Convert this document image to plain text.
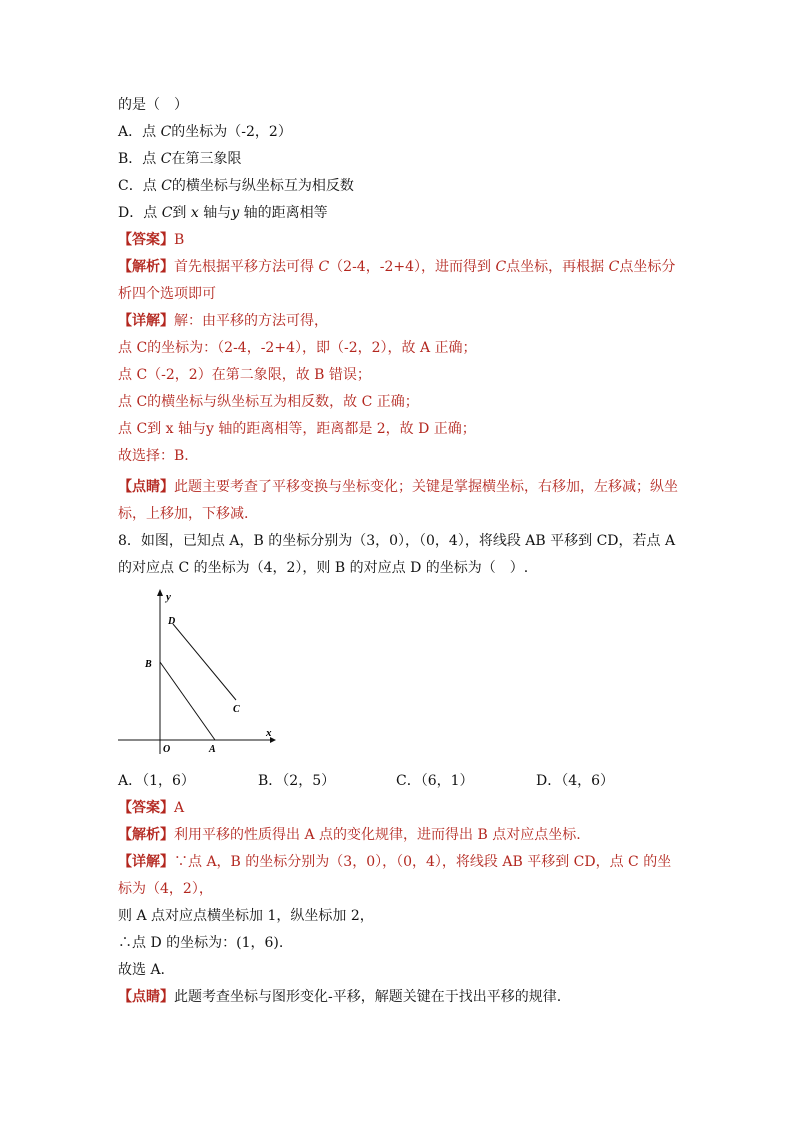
的是（　）
A．点 C的坐标为（-2，2）
B．点 C在第三象限
C．点 C的横坐标与纵坐标互为相反数
D．点 C到 x 轴与y 轴的距离相等
【答案】B
【解析】首先根据平移方法可得 C（2-4，-2+4），进而得到 C点坐标，再根据 C点坐标分
析四个选项即可
【详解】解：由平移的方法可得，
点 C的坐标为：（2-4，-2+4），即（-2，2），故 A 正确；
点 C（-2，2）在第二象限，故 B 错误；
点 C的横坐标与纵坐标互为相反数，故 C 正确；
点 C到 x 轴与y 轴的距离相等，距离都是 2，故 D 正确；
故选择：B.
【点睛】此题主要考查了平移变换与坐标变化；关键是掌握横坐标，右移加，左移减；纵坐
标，上移加，下移减.
8．如图，已知点 A，B 的坐标分别为（3，0），（0，4），将线段 AB 平移到 CD，若点 A
的对应点 C 的坐标为（4，2），则 B 的对应点 D 的坐标为（　）.
y
x
O	A
B
C
D
A．（1，6）	B．（2，5）	C．（6，1）	D．（4，6）
【答案】A
【解析】利用平移的性质得出 A 点的变化规律，进而得出 B 点对应点坐标.
【详解】∵点 A，B 的坐标分别为（3，0），（0，4），将线段 AB 平移到 CD，点 C 的坐
标为（4，2），
则 A 点对应点横坐标加 1，纵坐标加 2，
∴点 D 的坐标为：(1，6).
故选 A.
【点睛】此题考查坐标与图形变化-平移，解题关键在于找出平移的规律.
